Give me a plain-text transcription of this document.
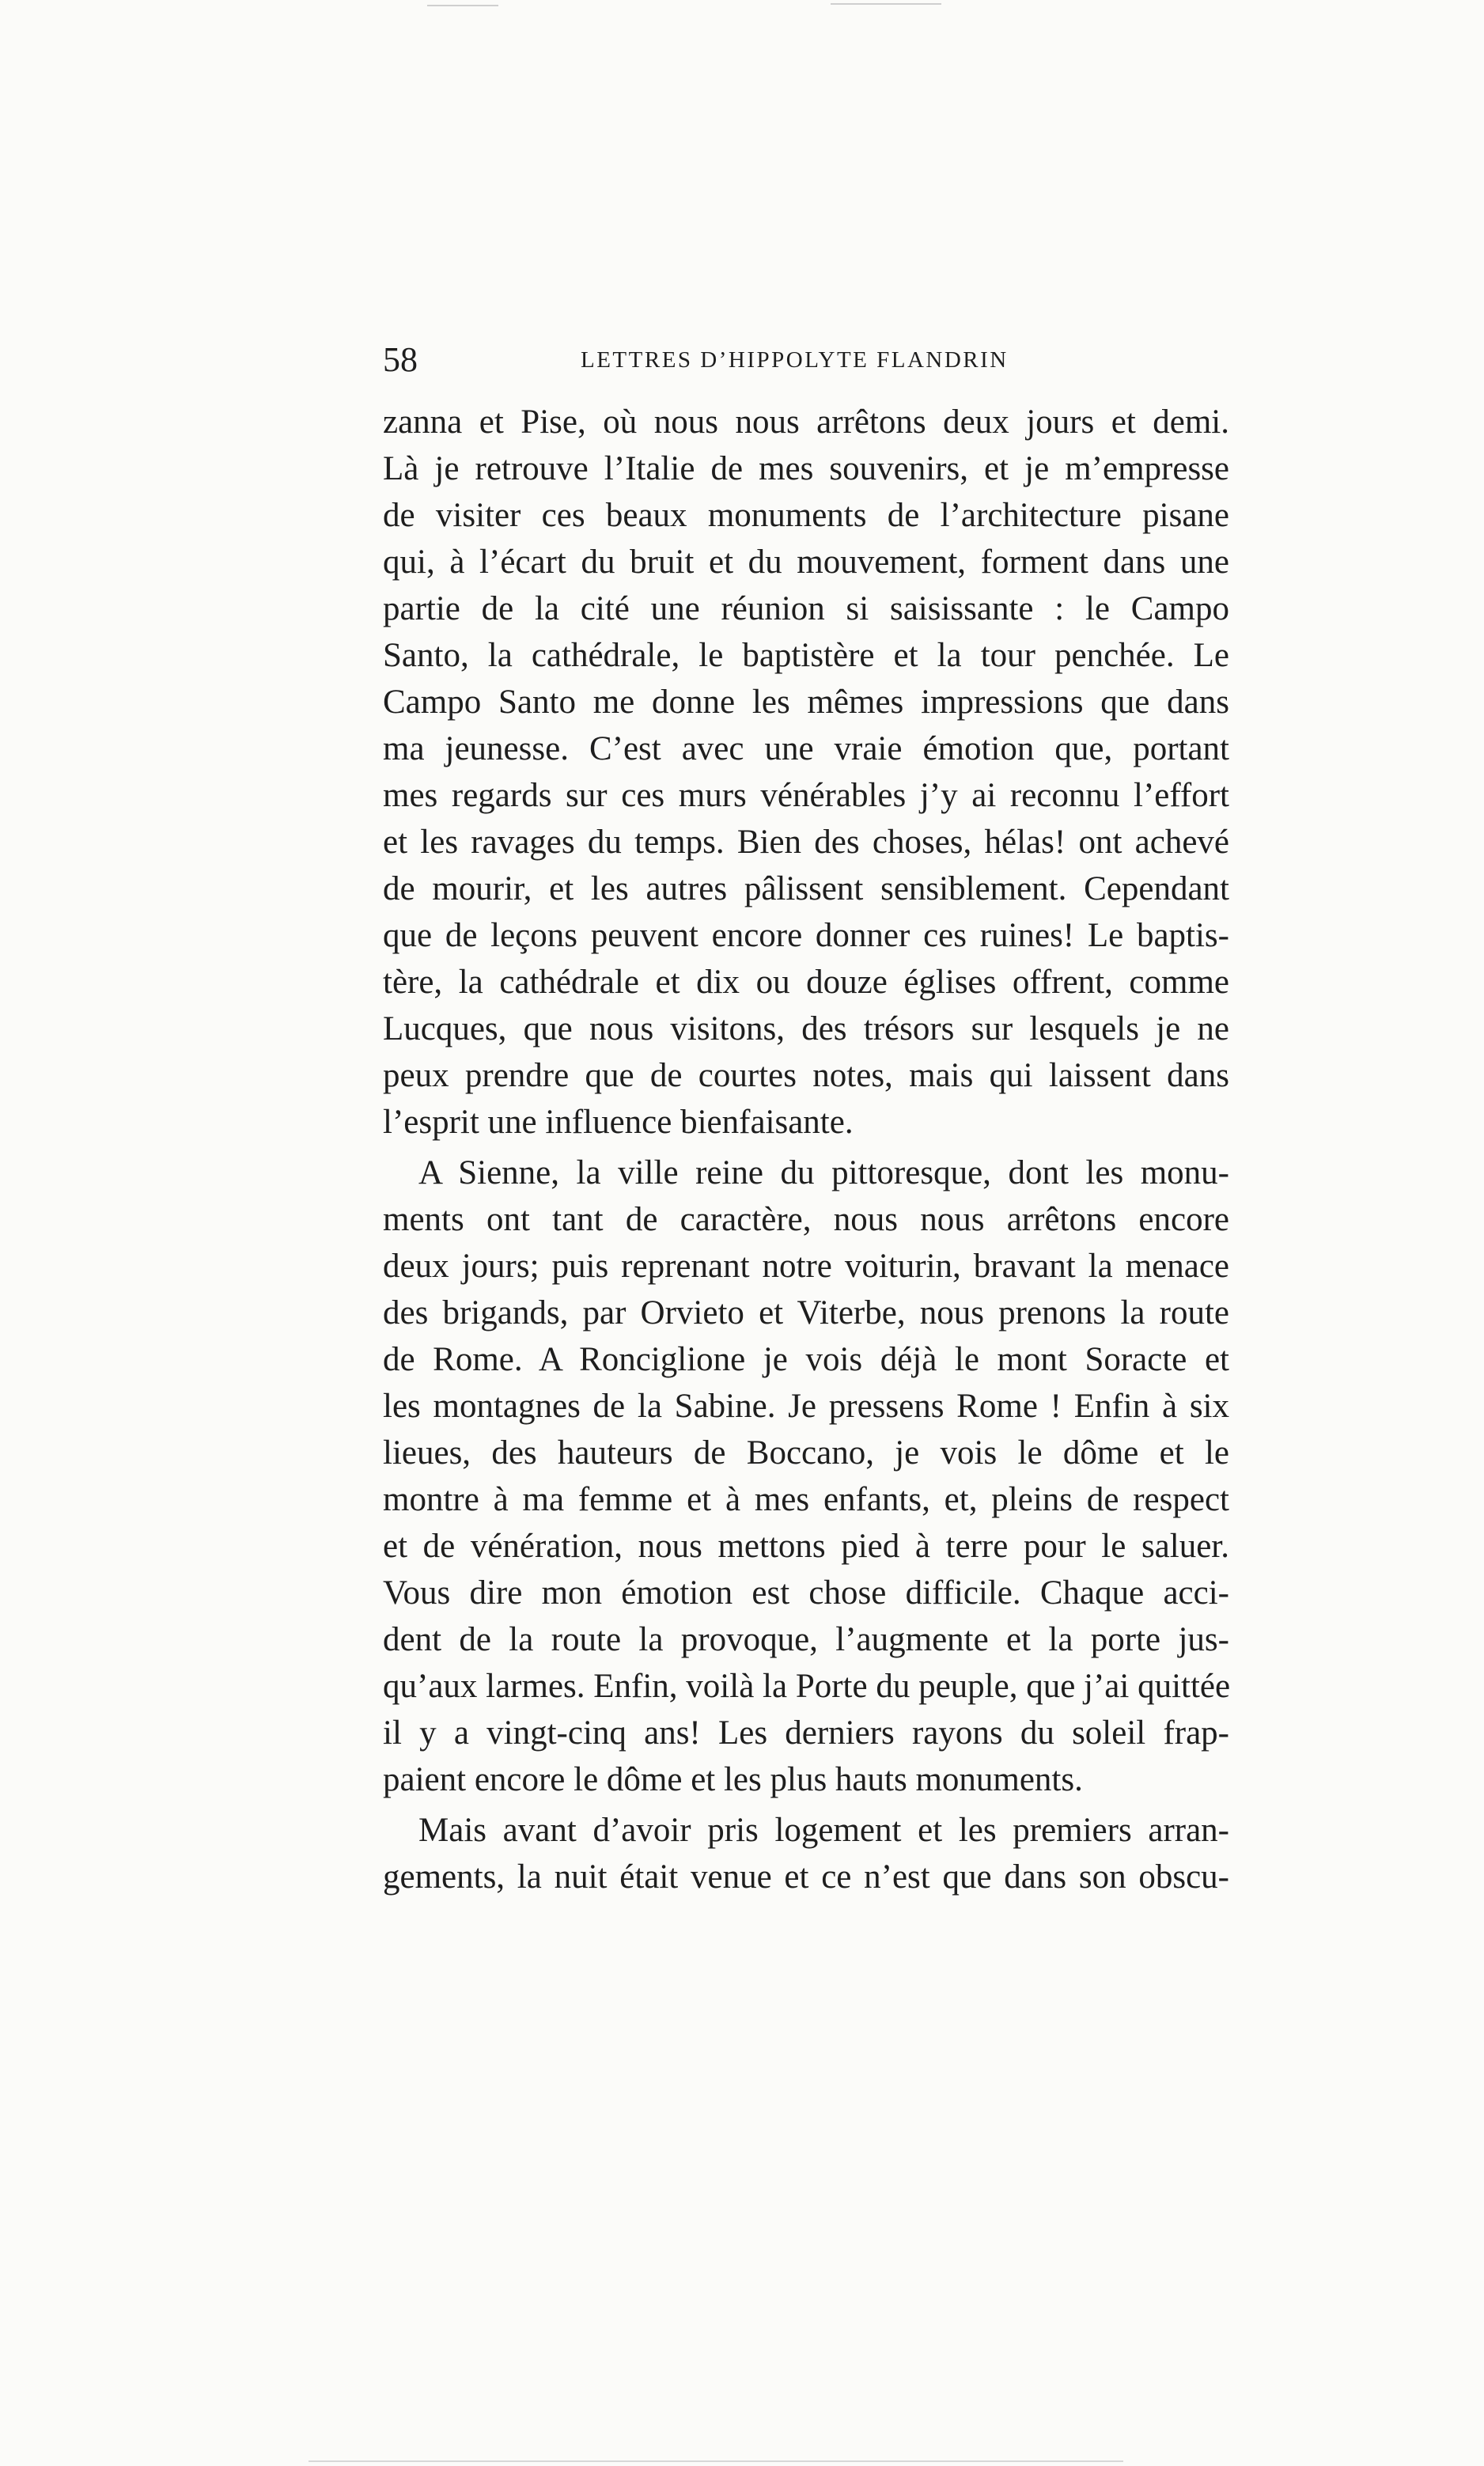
58	LETTRES D’HIPPOLYTE FLANDRIN

zanna et Pise, où nous nous arrêtons deux jours et demi.
Là je retrouve l’Italie de mes souvenirs, et je m’empresse
de visiter ces beaux monuments de l’architecture pisane
qui, à l’écart du bruit et du mouvement, forment dans une
partie de la cité une réunion si saisissante : le Campo
Santo, la cathédrale, le baptistère et la tour penchée. Le
Campo Santo me donne les mêmes impressions que dans
ma jeunesse. C’est avec une vraie émotion que, portant
mes regards sur ces murs vénérables j’y ai reconnu l’effort
et les ravages du temps. Bien des choses, hélas! ont achevé
de mourir, et les autres pâlissent sensiblement. Cependant
que de leçons peuvent encore donner ces ruines! Le baptis-
tère, la cathédrale et dix ou douze églises offrent, comme
Lucques, que nous visitons, des trésors sur lesquels je ne
peux prendre que de courtes notes, mais qui laissent dans
l’esprit une influence bienfaisante.

A Sienne, la ville reine du pittoresque, dont les monu-
ments ont tant de caractère, nous nous arrêtons encore
deux jours; puis reprenant notre voiturin, bravant la menace
des brigands, par Orvieto et Viterbe, nous prenons la route
de Rome. A Ronciglione je vois déjà le mont Soracte et
les montagnes de la Sabine. Je pressens Rome ! Enfin à six
lieues, des hauteurs de Boccano, je vois le dôme et le
montre à ma femme et à mes enfants, et, pleins de respect
et de vénération, nous mettons pied à terre pour le saluer.
Vous dire mon émotion est chose difficile. Chaque acci-
dent de la route la provoque, l’augmente et la porte jus-
qu’aux larmes. Enfin, voilà la Porte du peuple, que j’ai quittée
il y a vingt-cinq ans! Les derniers rayons du soleil frap-
paient encore le dôme et les plus hauts monuments.

Mais avant d’avoir pris logement et les premiers arran-
gements, la nuit était venue et ce n’est que dans son obscu-
